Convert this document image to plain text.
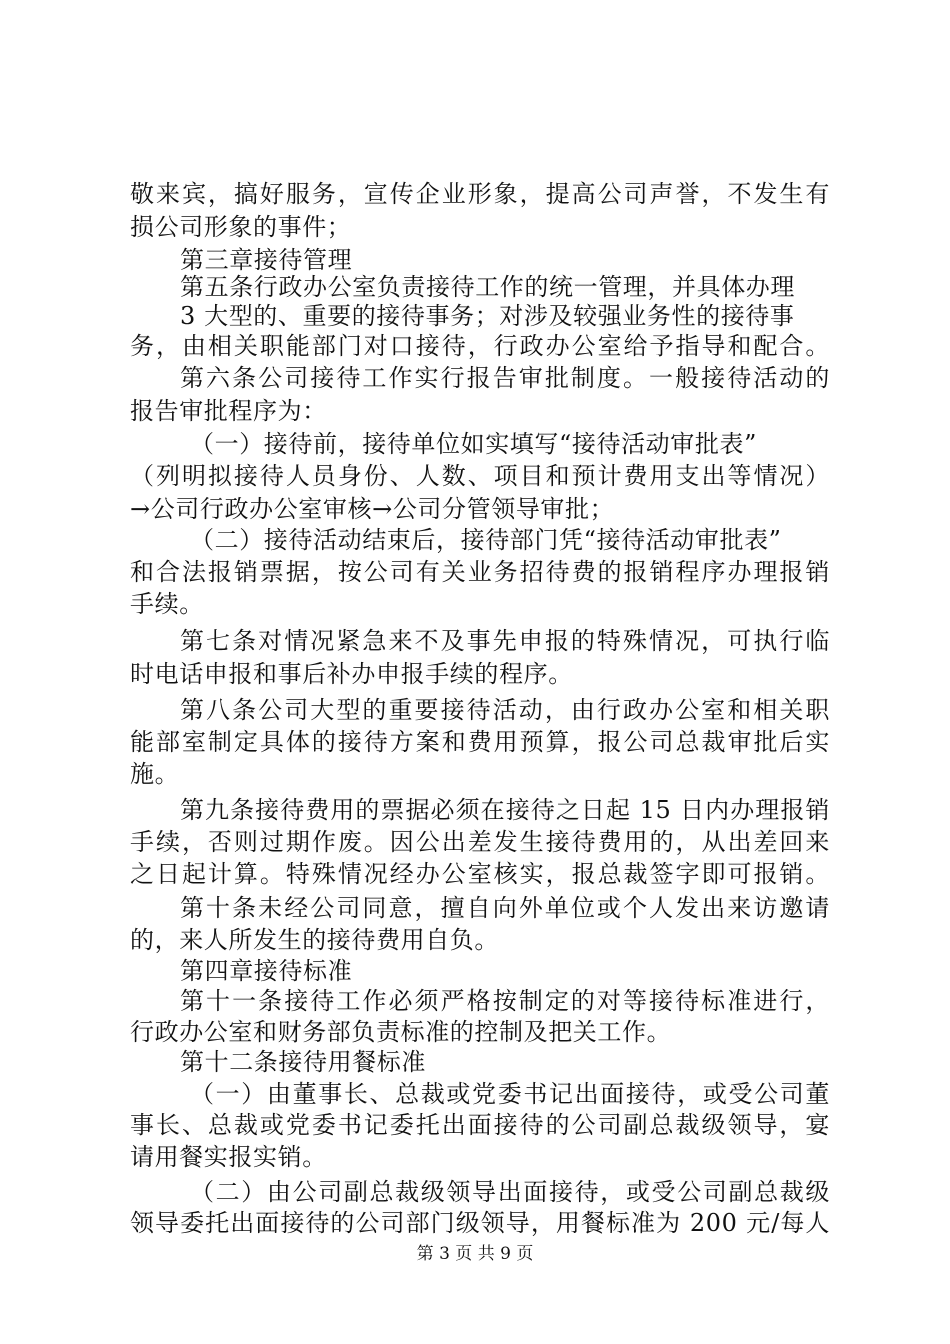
敬来宾，搞好服务，宣传企业形象，提高公司声誉，不发生有
损公司形象的事件；
第三章接待管理
第五条行政办公室负责接待工作的统一管理，并具体办理
3 大型的、重要的接待事务；对涉及较强业务性的接待事
务，由相关职能部门对口接待，行政办公室给予指导和配合。
第六条公司接待工作实行报告审批制度。一般接待活动的
报告审批程序为：
（一）接待前，接待单位如实填写“接待活动审批表”
（列明拟接待人员身份、人数、项目和预计费用支出等情况）
→公司行政办公室审核→公司分管领导审批；
（二）接待活动结束后，接待部门凭“接待活动审批表”
和合法报销票据，按公司有关业务招待费的报销程序办理报销
手续。
第七条对情况紧急来不及事先申报的特殊情况，可执行临
时电话申报和事后补办申报手续的程序。
第八条公司大型的重要接待活动，由行政办公室和相关职
能部室制定具体的接待方案和费用预算，报公司总裁审批后实
施。
第九条接待费用的票据必须在接待之日起 15 日内办理报销
手续，否则过期作废。因公出差发生接待费用的，从出差回来
之日起计算。特殊情况经办公室核实，报总裁签字即可报销。
第十条未经公司同意，擅自向外单位或个人发出来访邀请
的，来人所发生的接待费用自负。
第四章接待标准
第十一条接待工作必须严格按制定的对等接待标准进行，
行政办公室和财务部负责标准的控制及把关工作。
第十二条接待用餐标准
（一）由董事长、总裁或党委书记出面接待，或受公司董
事长、总裁或党委书记委托出面接待的公司副总裁级领导，宴
请用餐实报实销。
（二）由公司副总裁级领导出面接待，或受公司副总裁级
领导委托出面接待的公司部门级领导，用餐标准为 200 元/每人
第 3 页 共 9 页
